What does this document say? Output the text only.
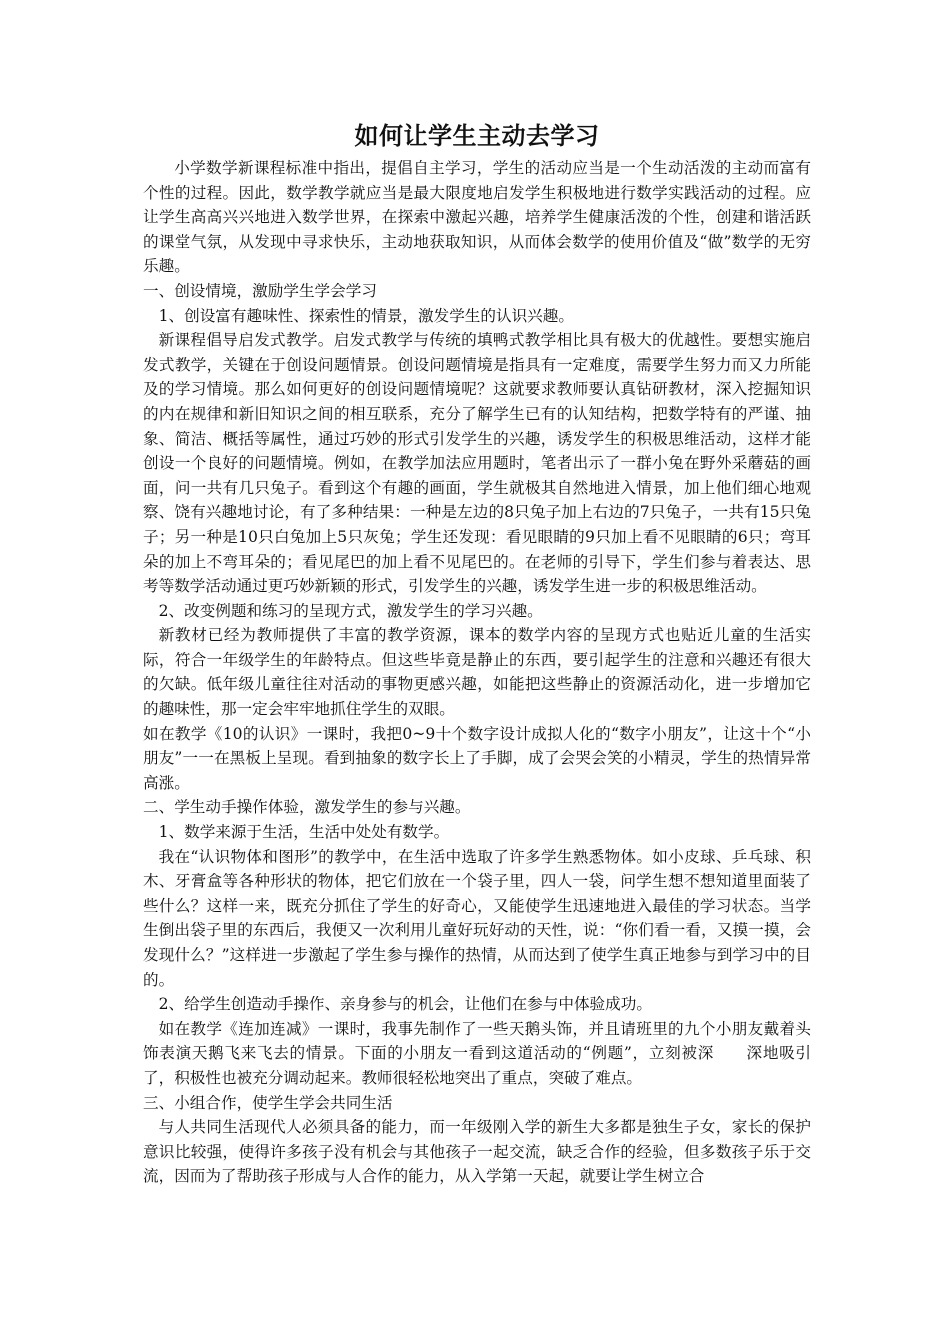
如何让学生主动去学习

小学数学新课程标准中指出，提倡自主学习，学生的活动应当是一个生动活泼的主动而富有个性的过程。因此，数学教学就应当是最大限度地启发学生积极地进行数学实践活动的过程。应让学生高高兴兴地进入数学世界，在探索中激起兴趣，培养学生健康活泼的个性，创建和谐活跃的课堂气氛，从发现中寻求快乐，主动地获取知识，从而体会数学的使用价值及“做”数学的无穷乐趣。

一、创设情境，激励学生学会学习

1、创设富有趣味性、探索性的情景，激发学生的认识兴趣。

新课程倡导启发式教学。启发式教学与传统的填鸭式教学相比具有极大的优越性。要想实施启发式教学，关键在于创设问题情景。创设问题情境是指具有一定难度，需要学生努力而又力所能及的学习情境。那么如何更好的创设问题情境呢？这就要求教师要认真钻研教材，深入挖掘知识的内在规律和新旧知识之间的相互联系，充分了解学生已有的认知结构，把数学特有的严谨、抽象、简洁、概括等属性，通过巧妙的形式引发学生的兴趣，诱发学生的积极思维活动，这样才能创设一个良好的问题情境。例如，在教学加法应用题时，笔者出示了一群小兔在野外采蘑菇的画面，问一共有几只兔子。看到这个有趣的画面，学生就极其自然地进入情景，加上他们细心地观察、饶有兴趣地讨论，有了多种结果：一种是左边的8只兔子加上右边的7只兔子，一共有15只兔子；另一种是10只白兔加上5只灰兔；学生还发现：看见眼睛的9只加上看不见眼睛的6只；弯耳朵的加上不弯耳朵的；看见尾巴的加上看不见尾巴的。在老师的引导下，学生们参与着表达、思考等数学活动通过更巧妙新颖的形式，引发学生的兴趣，诱发学生进一步的积极思维活动。

2、改变例题和练习的呈现方式，激发学生的学习兴趣。

新教材已经为教师提供了丰富的教学资源，课本的数学内容的呈现方式也贴近儿童的生活实际，符合一年级学生的年龄特点。但这些毕竟是静止的东西，要引起学生的注意和兴趣还有很大的欠缺。低年级儿童往往对活动的事物更感兴趣，如能把这些静止的资源活动化，进一步增加它的趣味性，那一定会牢牢地抓住学生的双眼。

如在教学《10的认识》一课时，我把0~9十个数字设计成拟人化的“数字小朋友”，让这十个“小朋友”一一在黑板上呈现。看到抽象的数字长上了手脚，成了会哭会笑的小精灵，学生的热情异常高涨。

二、学生动手操作体验，激发学生的参与兴趣。

1、数学来源于生活，生活中处处有数学。

我在“认识物体和图形”的教学中，在生活中选取了许多学生熟悉物体。如小皮球、乒乓球、积木、牙膏盒等各种形状的物体，把它们放在一个袋子里，四人一袋，问学生想不想知道里面装了些什么？这样一来，既充分抓住了学生的好奇心，又能使学生迅速地进入最佳的学习状态。当学生倒出袋子里的东西后，我便又一次利用儿童好玩好动的天性，说：“你们看一看，又摸一摸，会发现什么？”这样进一步激起了学生参与操作的热情，从而达到了使学生真正地参与到学习中的目的。

2、给学生创造动手操作、亲身参与的机会，让他们在参与中体验成功。

如在教学《连加连减》一课时，我事先制作了一些天鹅头饰，并且请班里的九个小朋友戴着头饰表演天鹅飞来飞去的情景。下面的小朋友一看到这道活动的“例题”，立刻被深　　深地吸引了，积极性也被充分调动起来。教师很轻松地突出了重点，突破了难点。

三、小组合作，使学生学会共同生活

与人共同生活现代人必须具备的能力，而一年级刚入学的新生大多都是独生子女，家长的保护意识比较强，使得许多孩子没有机会与其他孩子一起交流，缺乏合作的经验，但多数孩子乐于交流，因而为了帮助孩子形成与人合作的能力，从入学第一天起，就要让学生树立合
